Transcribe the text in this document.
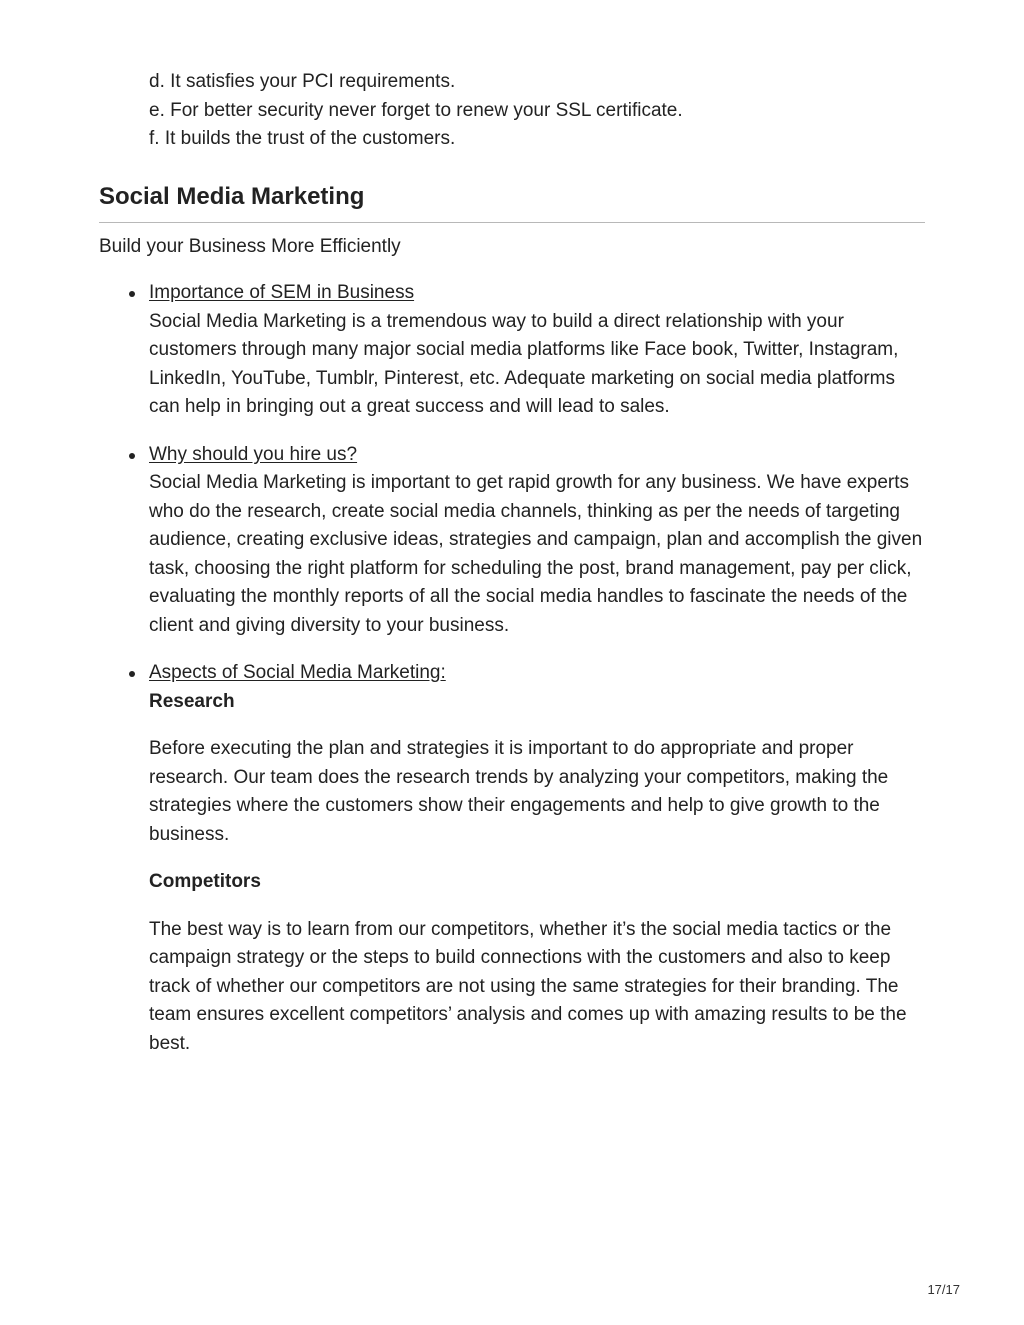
d. It satisfies your PCI requirements.
e. For better security never forget to renew your SSL certificate.
f. It builds the trust of the customers.
Social Media Marketing

Build your Business More Efficiently

Importance of SEM in Business
Social Media Marketing is a tremendous way to build a direct relationship with your customers through many major social media platforms like Face book, Twitter, Instagram, LinkedIn, YouTube, Tumblr, Pinterest, etc. Adequate marketing on social media platforms can help in bringing out a great success and will lead to sales.
Why should you hire us?
Social Media Marketing is important to get rapid growth for any business. We have experts who do the research, create social media channels, thinking as per the needs of targeting audience, creating exclusive ideas, strategies and campaign, plan and accomplish the given task, choosing the right platform for scheduling the post, brand management, pay per click, evaluating the monthly reports of all the social media handles to fascinate the needs of the client and giving diversity to your business.
Aspects of Social Media Marketing:
Research
Before executing the plan and strategies it is important to do appropriate and proper research. Our team does the research trends by analyzing your competitors, making the strategies where the customers show their engagements and help to give growth to the business.
Competitors
The best way is to learn from our competitors, whether it’s the social media tactics or the campaign strategy or the steps to build connections with the customers and also to keep track of whether our competitors are not using the same strategies for their branding. The team ensures excellent competitors’ analysis and comes up with amazing results to be the best.
17/17
